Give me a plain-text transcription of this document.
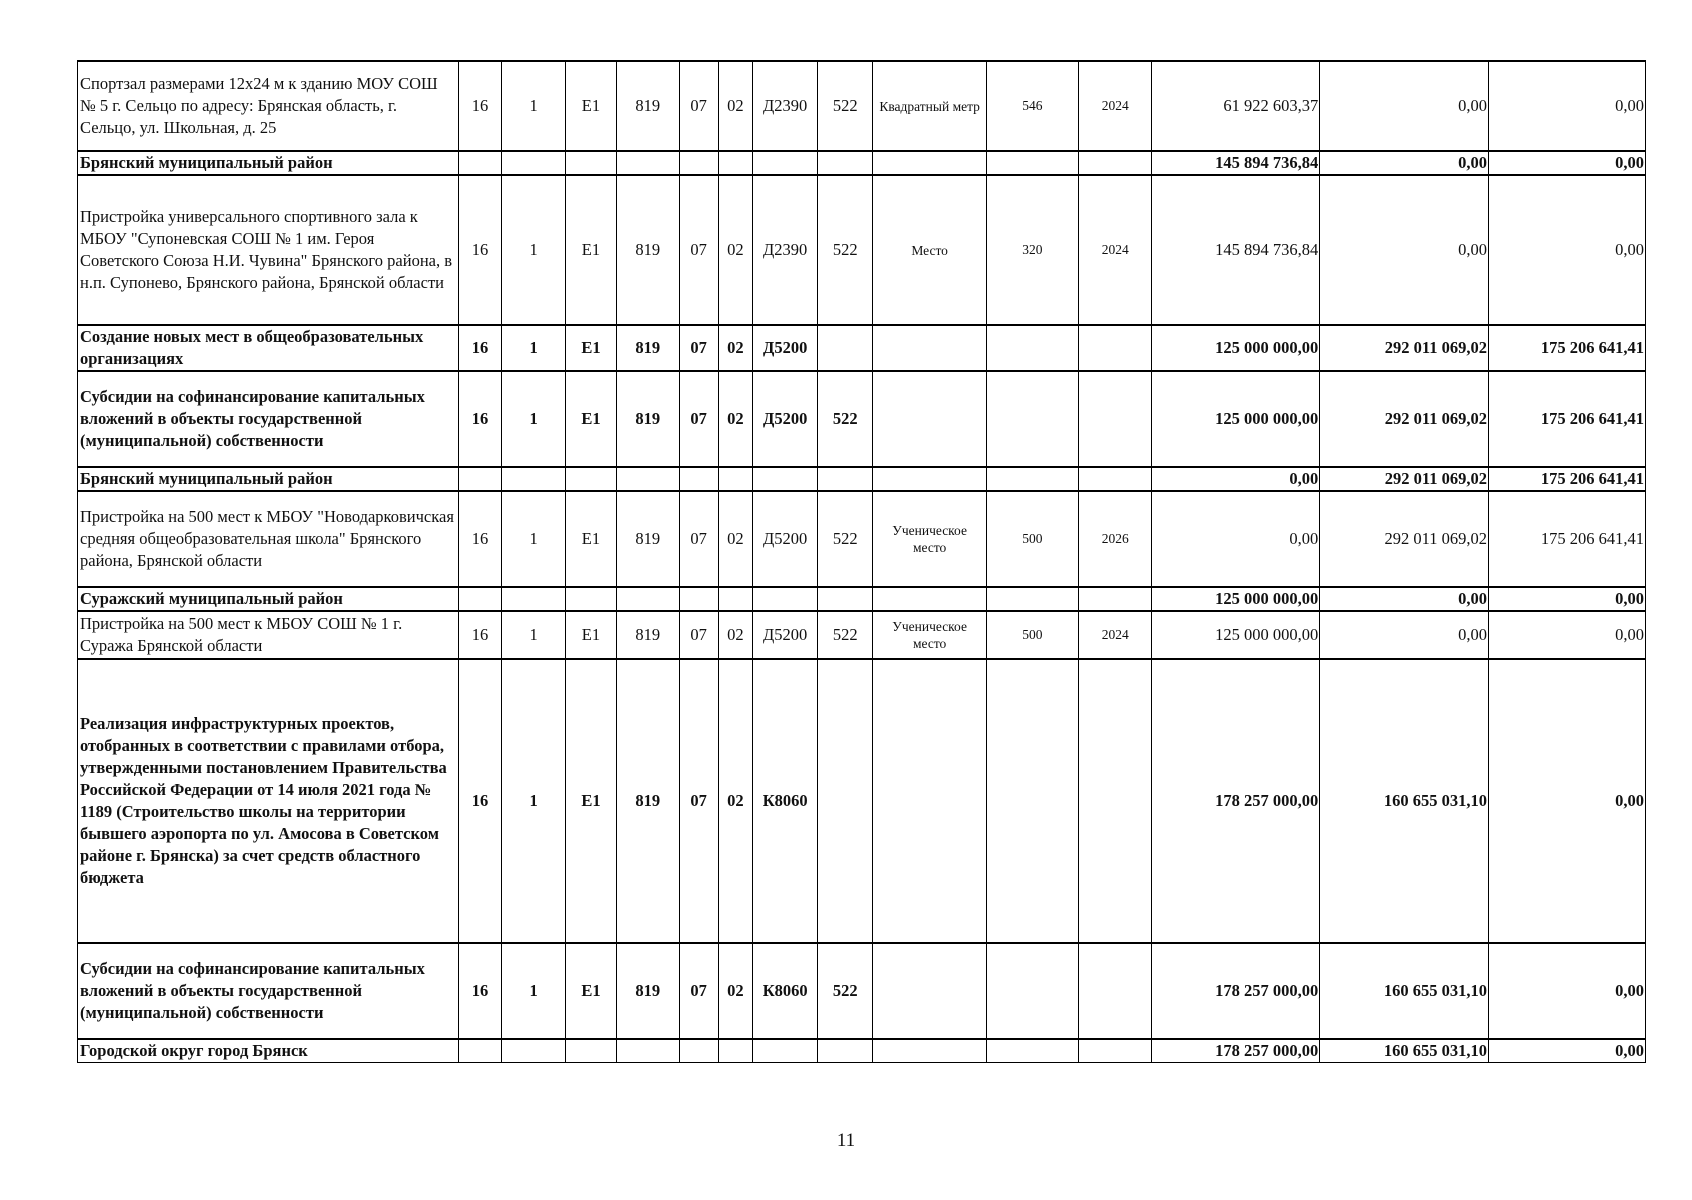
Спортзал размерами 12х24 м к зданию МОУ СОШ № 5 г. Сельцо по адресу: Брянская область, г. Сельцо, ул. Школьная, д. 25	16	1	E1	819	07	02	Д2390	522	Квадратный метр	546	2024	61 922 603,37	0,00	0,00
Брянский муниципальный район												145 894 736,84	0,00	0,00
Пристройка универсального спортивного зала к МБОУ "Супоневская СОШ № 1 им. Героя Советского Союза Н.И. Чувина" Брянского района, в н.п. Супонево, Брянского района, Брянской области	16	1	E1	819	07	02	Д2390	522	Место	320	2024	145 894 736,84	0,00	0,00
Создание новых мест в общеобразовательных организациях	16	1	E1	819	07	02	Д5200					125 000 000,00	292 011 069,02	175 206 641,41
Субсидии на софинансирование капитальных вложений в объекты государственной (муниципальной) собственности	16	1	E1	819	07	02	Д5200	522				125 000 000,00	292 011 069,02	175 206 641,41
Брянский муниципальный район												0,00	292 011 069,02	175 206 641,41
Пристройка на 500 мест к МБОУ "Новодарковичская средняя общеобразовательная школа" Брянского района, Брянской области	16	1	E1	819	07	02	Д5200	522	Ученическое место	500	2026	0,00	292 011 069,02	175 206 641,41
Суражский муниципальный район												125 000 000,00	0,00	0,00
Пристройка на 500 мест к МБОУ СОШ № 1 г. Суража Брянской области	16	1	E1	819	07	02	Д5200	522	Ученическое место	500	2024	125 000 000,00	0,00	0,00
Реализация инфраструктурных проектов, отобранных в соответствии с правилами отбора, утвержденными постановлением Правительства Российской Федерации от 14 июля 2021 года № 1189 (Строительство школы на территории бывшего аэропорта по ул. Амосова в Советском районе г. Брянска) за счет средств областного бюджета	16	1	E1	819	07	02	К8060					178 257 000,00	160 655 031,10	0,00
Субсидии на софинансирование капитальных вложений в объекты государственной (муниципальной) собственности	16	1	E1	819	07	02	К8060	522				178 257 000,00	160 655 031,10	0,00
Городской округ город Брянск												178 257 000,00	160 655 031,10	0,00
11
